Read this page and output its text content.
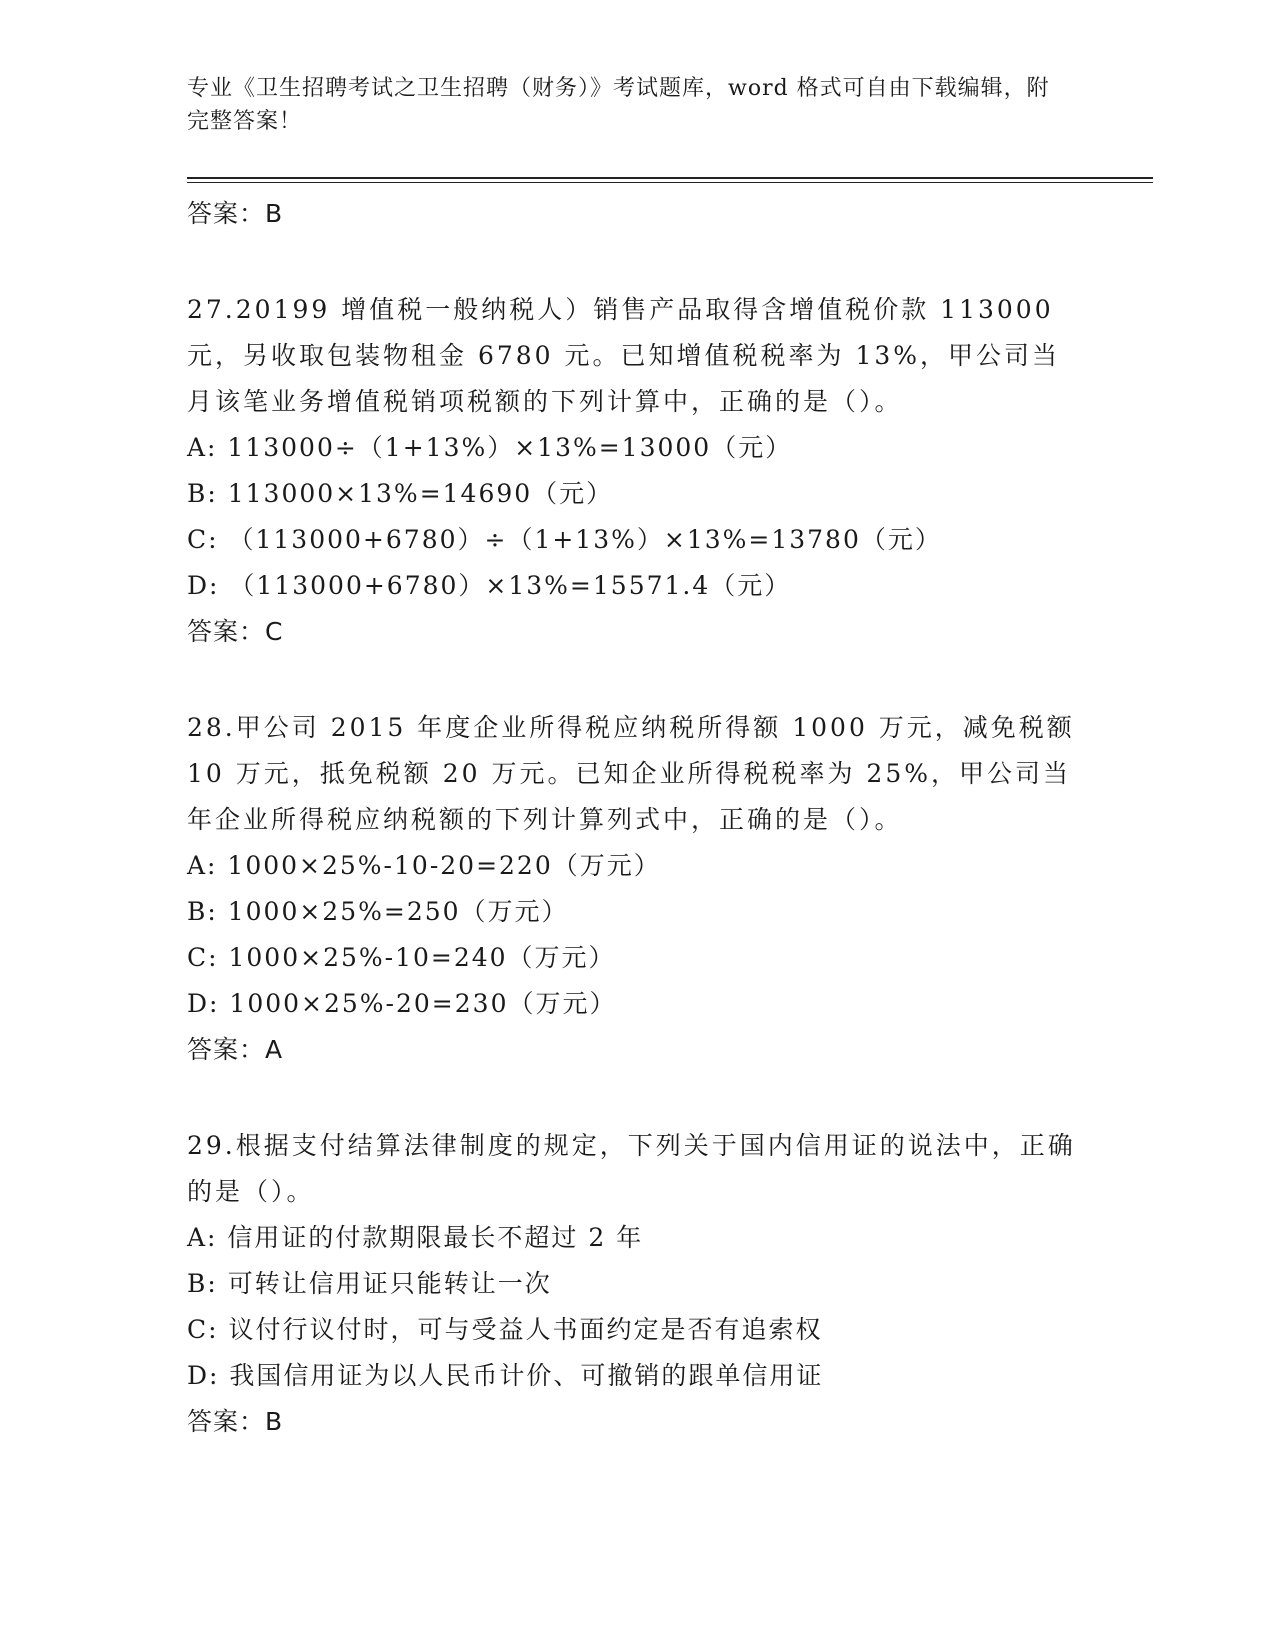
专业《卫生招聘考试之卫生招聘（财务）》考试题库，word 格式可自由下载编辑，附完整答案！
答案：B

27.20199 增值税一般纳税人）销售产品取得含增值税价款 113000 元，另收取包装物租金 6780 元。已知增值税税率为 13%，甲公司当月该笔业务增值税销项税额的下列计算中，正确的是（）。

A: 113000÷（1+13%）×13%=13000（元）

B: 113000×13%=14690（元）

C: （113000+6780）÷（1+13%）×13%=13780（元）

D: （113000+6780）×13%=15571.4（元）

答案：C

28.甲公司 2015 年度企业所得税应纳税所得额 1000 万元，减免税额 10 万元，抵免税额 20 万元。已知企业所得税税率为 25%，甲公司当年企业所得税应纳税额的下列计算列式中，正确的是（）。

A: 1000×25%-10-20=220（万元）

B: 1000×25%=250（万元）

C: 1000×25%-10=240（万元）

D: 1000×25%-20=230（万元）

答案：A

29.根据支付结算法律制度的规定，下列关于国内信用证的说法中，正确的是（）。

A: 信用证的付款期限最长不超过 2 年

B: 可转让信用证只能转让一次

C: 议付行议付时，可与受益人书面约定是否有追索权

D: 我国信用证为以人民币计价、可撤销的跟单信用证

答案：B
